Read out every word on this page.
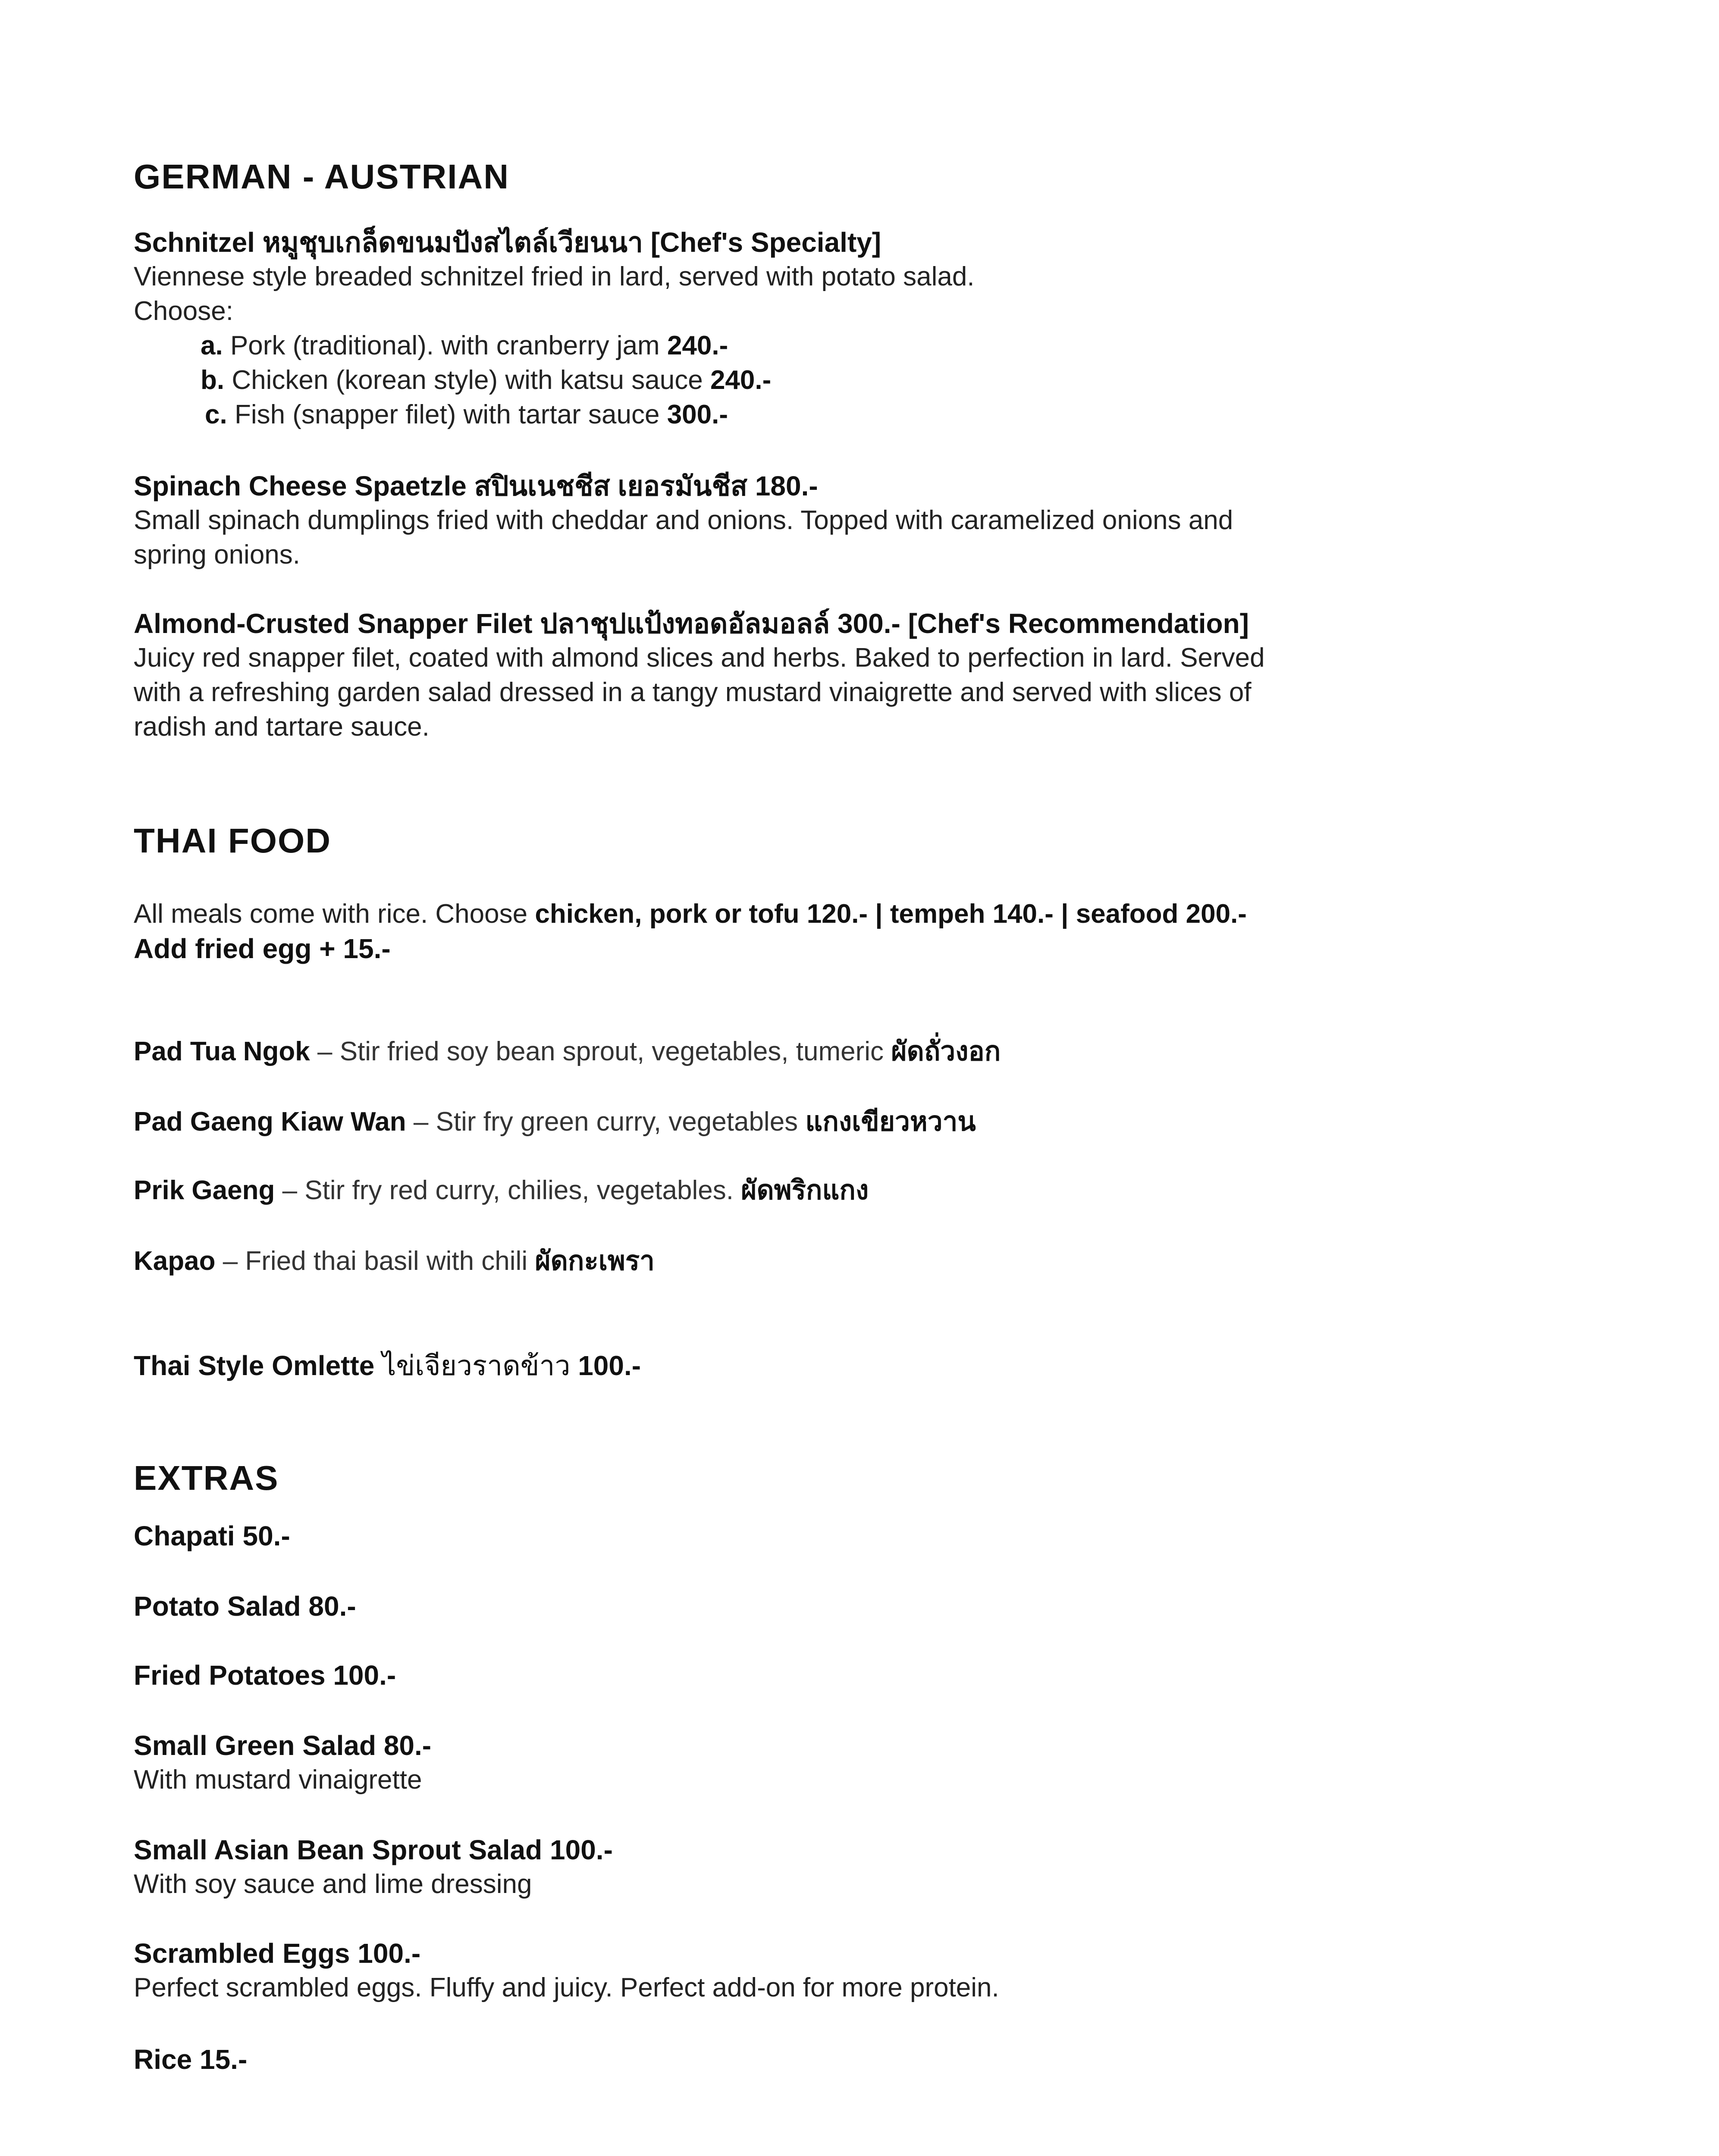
GERMAN - AUSTRIAN
Schnitzel หมูชุบเกล็ดขนมปังสไตล์เวียนนา [Chef's Specialty]
Viennese style breaded schnitzel fried in lard, served with potato salad.
Choose:
a. Pork (traditional). with cranberry jam 240.-
b. Chicken (korean style) with katsu sauce 240.-
c. Fish (snapper filet) with tartar sauce 300.-
Spinach Cheese Spaetzle สปินเนชชีส เยอรมันชีส 180.-
Small spinach dumplings fried with cheddar and onions. Topped with caramelized onions and
spring onions.
Almond-Crusted Snapper Filet ปลาชุปแป้งทอดอัลมอลล์ 300.- [Chef's Recommendation]
Juicy red snapper filet, coated with almond slices and herbs. Baked to perfection in lard. Served
with a refreshing garden salad dressed in a tangy mustard vinaigrette and served with slices of
radish and tartare sauce.
THAI FOOD
All meals come with rice. Choose chicken, pork or tofu 120.- | tempeh 140.- | seafood 200.-
Add fried egg + 15.-
Pad Tua Ngok – Stir fried soy bean sprout, vegetables, tumeric ผัดถั่วงอก
Pad Gaeng Kiaw Wan – Stir fry green curry, vegetables แกงเขียวหวาน
Prik Gaeng – Stir fry red curry, chilies, vegetables. ผัดพริกแกง
Kapao – Fried thai basil with chili ผัดกะเพรา
Thai Style Omlette ไข่เจียวราดข้าว 100.-
EXTRAS
Chapati 50.-
Potato Salad 80.-
Fried Potatoes 100.-
Small Green Salad 80.-
With mustard vinaigrette
Small Asian Bean Sprout Salad 100.-
With soy sauce and lime dressing
Scrambled Eggs 100.-
Perfect scrambled eggs. Fluffy and juicy. Perfect add-on for more protein.
Rice 15.-
